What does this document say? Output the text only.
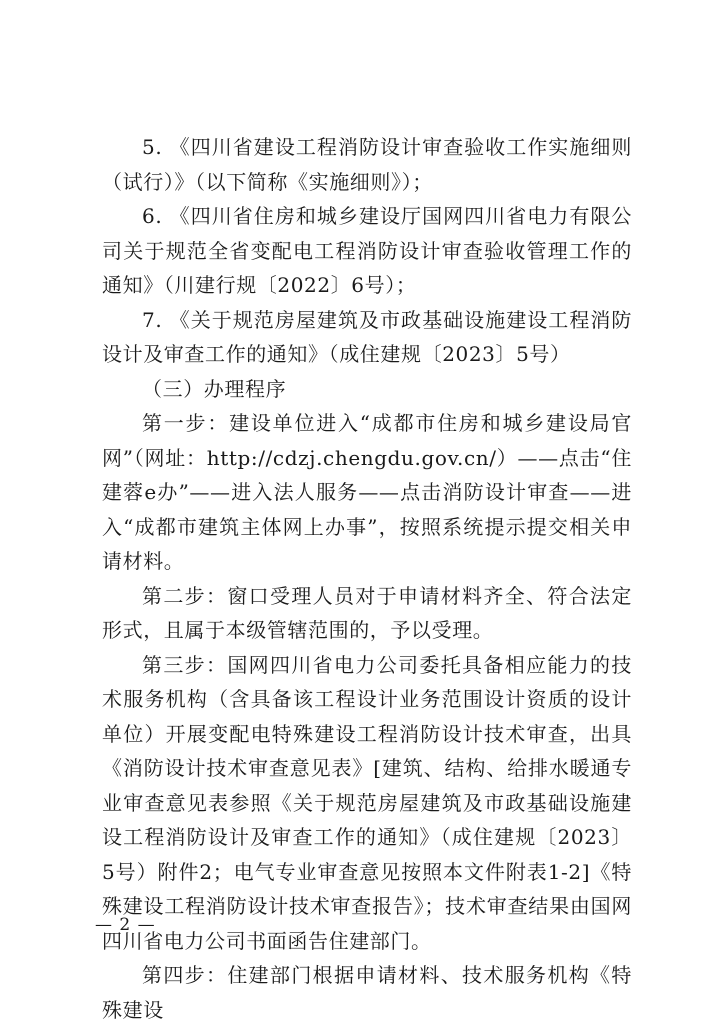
5. 《四川省建设工程消防设计审查验收工作实施细则（试行）》（以下简称《实施细则》）；

6. 《四川省住房和城乡建设厅国网四川省电力有限公司关于规范全省变配电工程消防设计审查验收管理工作的通知》（川建行规〔2022〕6号）；

7. 《关于规范房屋建筑及市政基础设施建设工程消防设计及审查工作的通知》（成住建规〔2023〕5号）

（三）办理程序

第一步：建设单位进入“成都市住房和城乡建设局官网”（网址：http://cdzj.chengdu.gov.cn/）——点击“住建蓉e办”——进入法人服务——点击消防设计审查——进入“成都市建筑主体网上办事”，按照系统提示提交相关申请材料。

第二步：窗口受理人员对于申请材料齐全、符合法定形式，且属于本级管辖范围的，予以受理。

第三步：国网四川省电力公司委托具备相应能力的技术服务机构（含具备该工程设计业务范围设计资质的设计单位）开展变配电特殊建设工程消防设计技术审查，出具《消防设计技术审查意见表》[建筑、结构、给排水暖通专业审查意见表参照《关于规范房屋建筑及市政基础设施建设工程消防设计及审查工作的通知》（成住建规〔2023〕5号）附件2；电气专业审查意见按照本文件附表1-2]《特殊建设工程消防设计技术审查报告》；技术审查结果由国网四川省电力公司书面函告住建部门。

第四步：住建部门根据申请材料、技术服务机构《特殊建设

— 2 —
